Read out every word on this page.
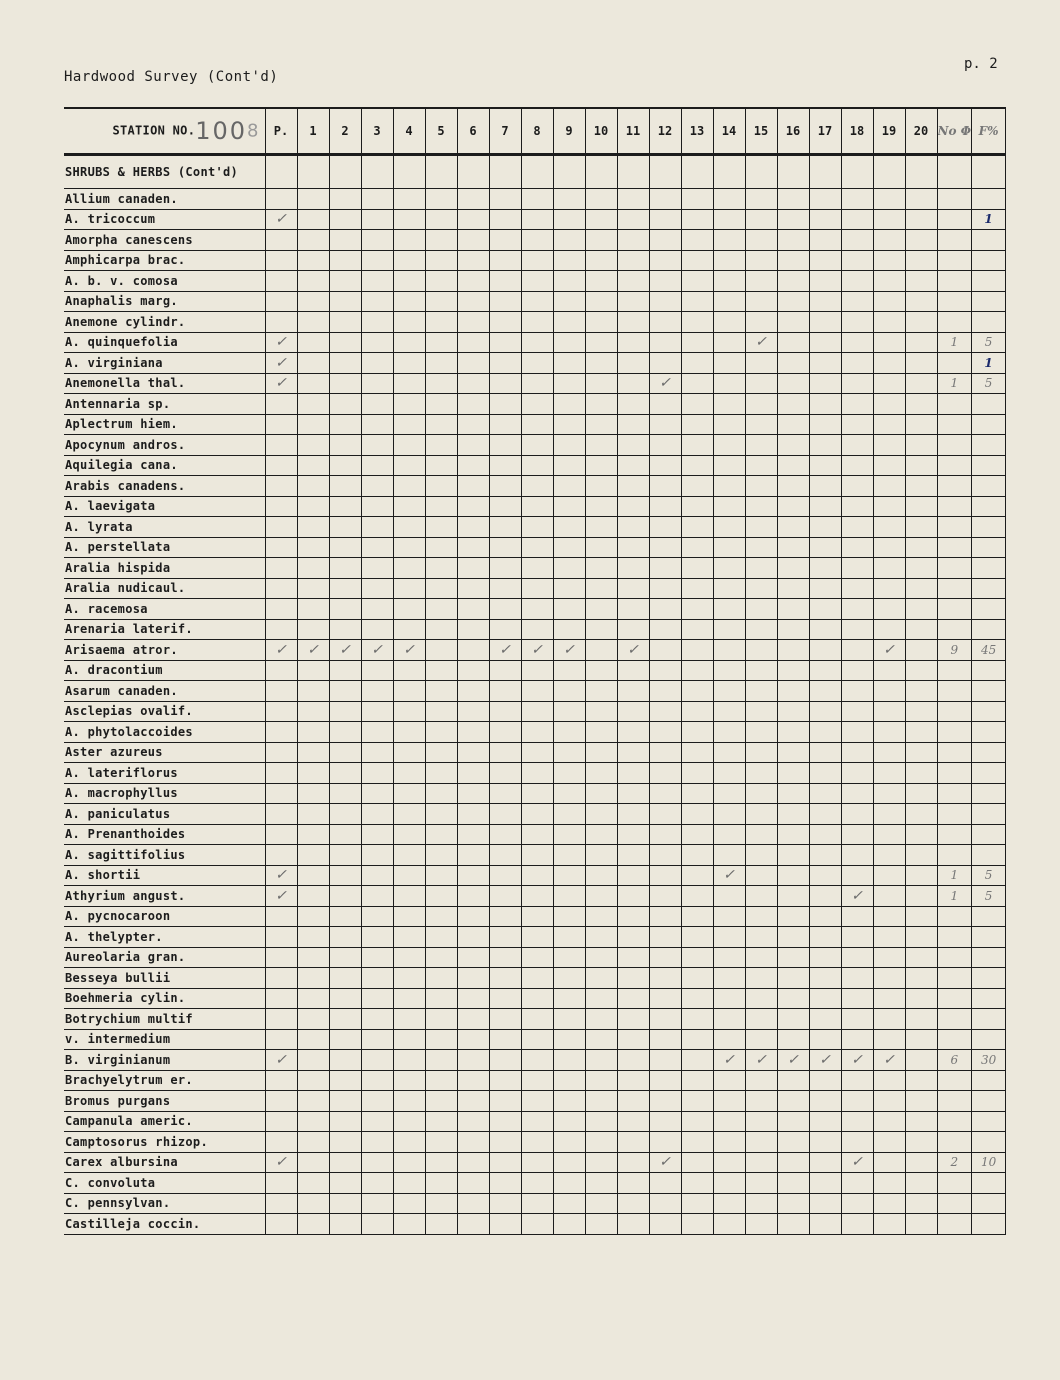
Hardwood Survey (Cont'd)
p. 2
STATION NO.1008	P.	1	2	3	4	5	6	7	8	9	10	11	12	13	14	15	16	17	18	19	20	No Φ	F%
SHRUBS & HERBS (Cont'd)																							
Allium canaden.																							
A. tricoccum	✓																						1
Amorpha canescens																							
Amphicarpa brac.																							
A. b. v. comosa																							
Anaphalis marg.																							
Anemone cylindr.																							
A. quinquefolia	✓															✓						1	5
A. virginiana	✓																						1
Anemonella thal.	✓												✓									1	5
Antennaria sp.																							
Aplectrum hiem.																							
Apocynum andros.																							
Aquilegia cana.																							
Arabis canadens.																							
A. laevigata																							
A. lyrata																							
A. perstellata																							
Aralia hispida																							
Aralia nudicaul.																							
A. racemosa																							
Arenaria laterif.																							
Arisaema atror.	✓	✓	✓	✓	✓			✓	✓	✓		✓								✓		9	45
A. dracontium																							
Asarum canaden.																							
Asclepias ovalif.																							
A. phytolaccoides																							
Aster azureus																							
A. lateriflorus																							
A. macrophyllus																							
A. paniculatus																							
A. Prenanthoides																							
A. sagittifolius																							
A. shortii	✓														✓							1	5
Athyrium angust.	✓																		✓			1	5
A. pycnocaroon																							
A. thelypter.																							
Aureolaria gran.																							
Besseya bullii																							
Boehmeria cylin.																							
Botrychium multif																							
v. intermedium																							
B. virginianum	✓														✓	✓	✓	✓	✓	✓		6	30
Brachyelytrum er.																							
Bromus purgans																							
Campanula americ.																							
Camptosorus rhizop.																							
Carex albursina	✓												✓						✓			2	10
C. convoluta																							
C. pennsylvan.																							
Castilleja coccin.																							
